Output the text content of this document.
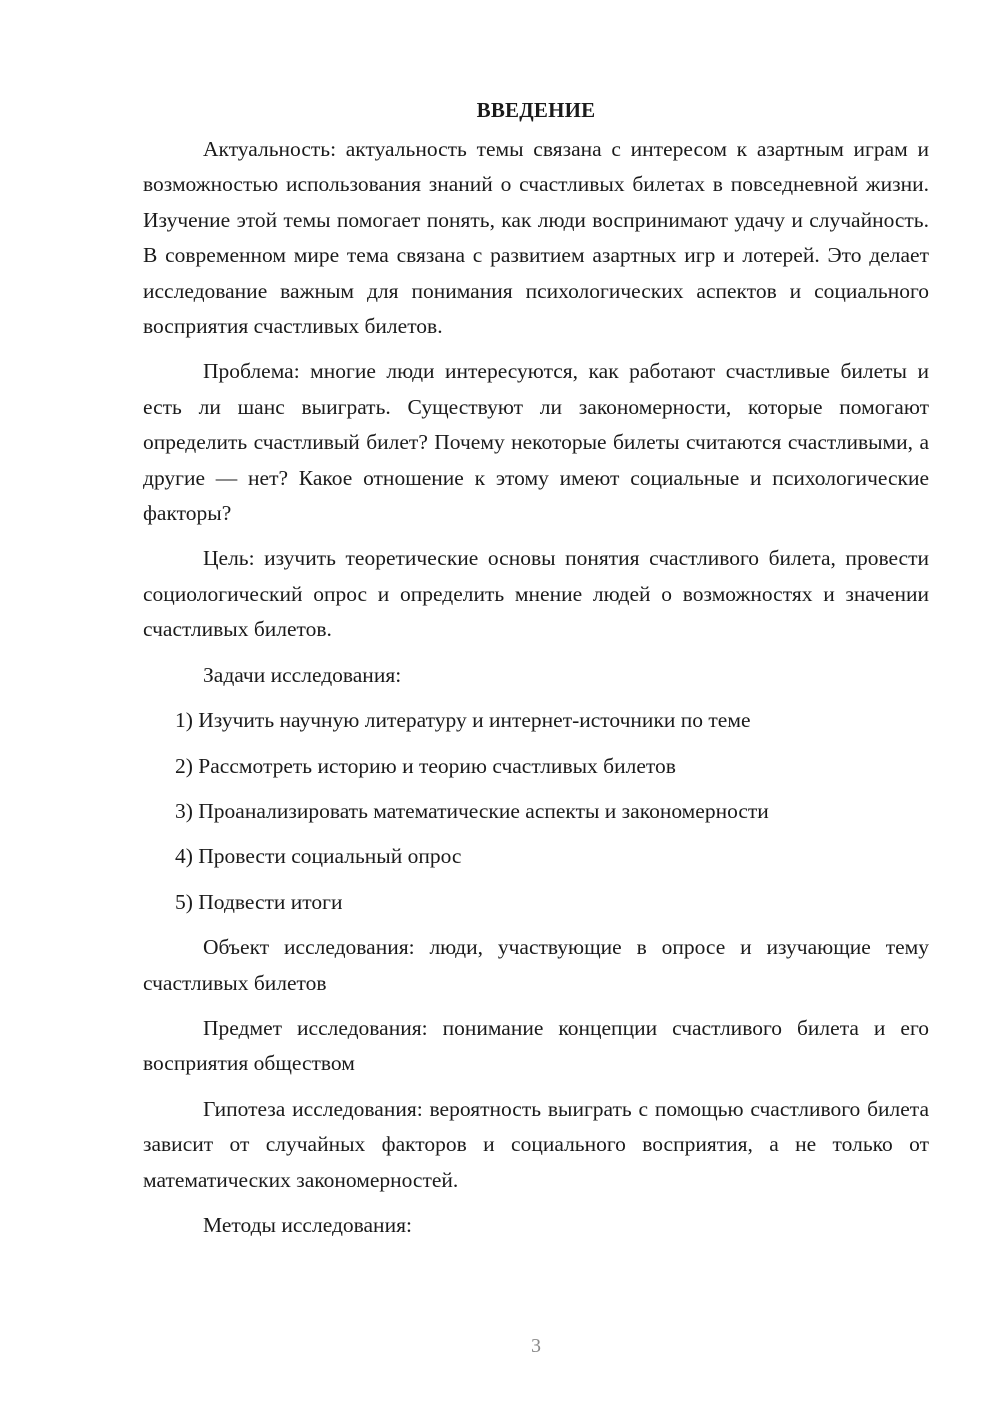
ВВЕДЕНИЕ

Актуальность: актуальность темы связана с интересом к азартным играм и возможностью использования знаний о счастливых билетах в повседневной жизни. Изучение этой темы помогает понять, как люди воспринимают удачу и случайность. В современном мире тема связана с развитием азартных игр и лотерей. Это делает исследование важным для понимания психологических аспектов и социального восприятия счастливых билетов.

Проблема: многие люди интересуются, как работают счастливые билеты и есть ли шанс выиграть. Существуют ли закономерности, которые помогают определить счастливый билет? Почему некоторые билеты считаются счастливыми, а другие — нет? Какое отношение к этому имеют социальные и психологические факторы?

Цель: изучить теоретические основы понятия счастливого билета, провести социологический опрос и определить мнение людей о возможностях и значении счастливых билетов.

Задачи исследования:

1) Изучить научную литературу и интернет-источники по теме
2) Рассмотреть историю и теорию счастливых билетов
3) Проанализировать математические аспекты и закономерности
4) Провести социальный опрос
5) Подвести итоги

Объект исследования: люди, участвующие в опросе и изучающие тему счастливых билетов

Предмет исследования: понимание концепции счастливого билета и его восприятия обществом

Гипотеза исследования: вероятность выиграть с помощью счастливого билета зависит от случайных факторов и социального восприятия, а не только от математических закономерностей.

Методы исследования:

3
